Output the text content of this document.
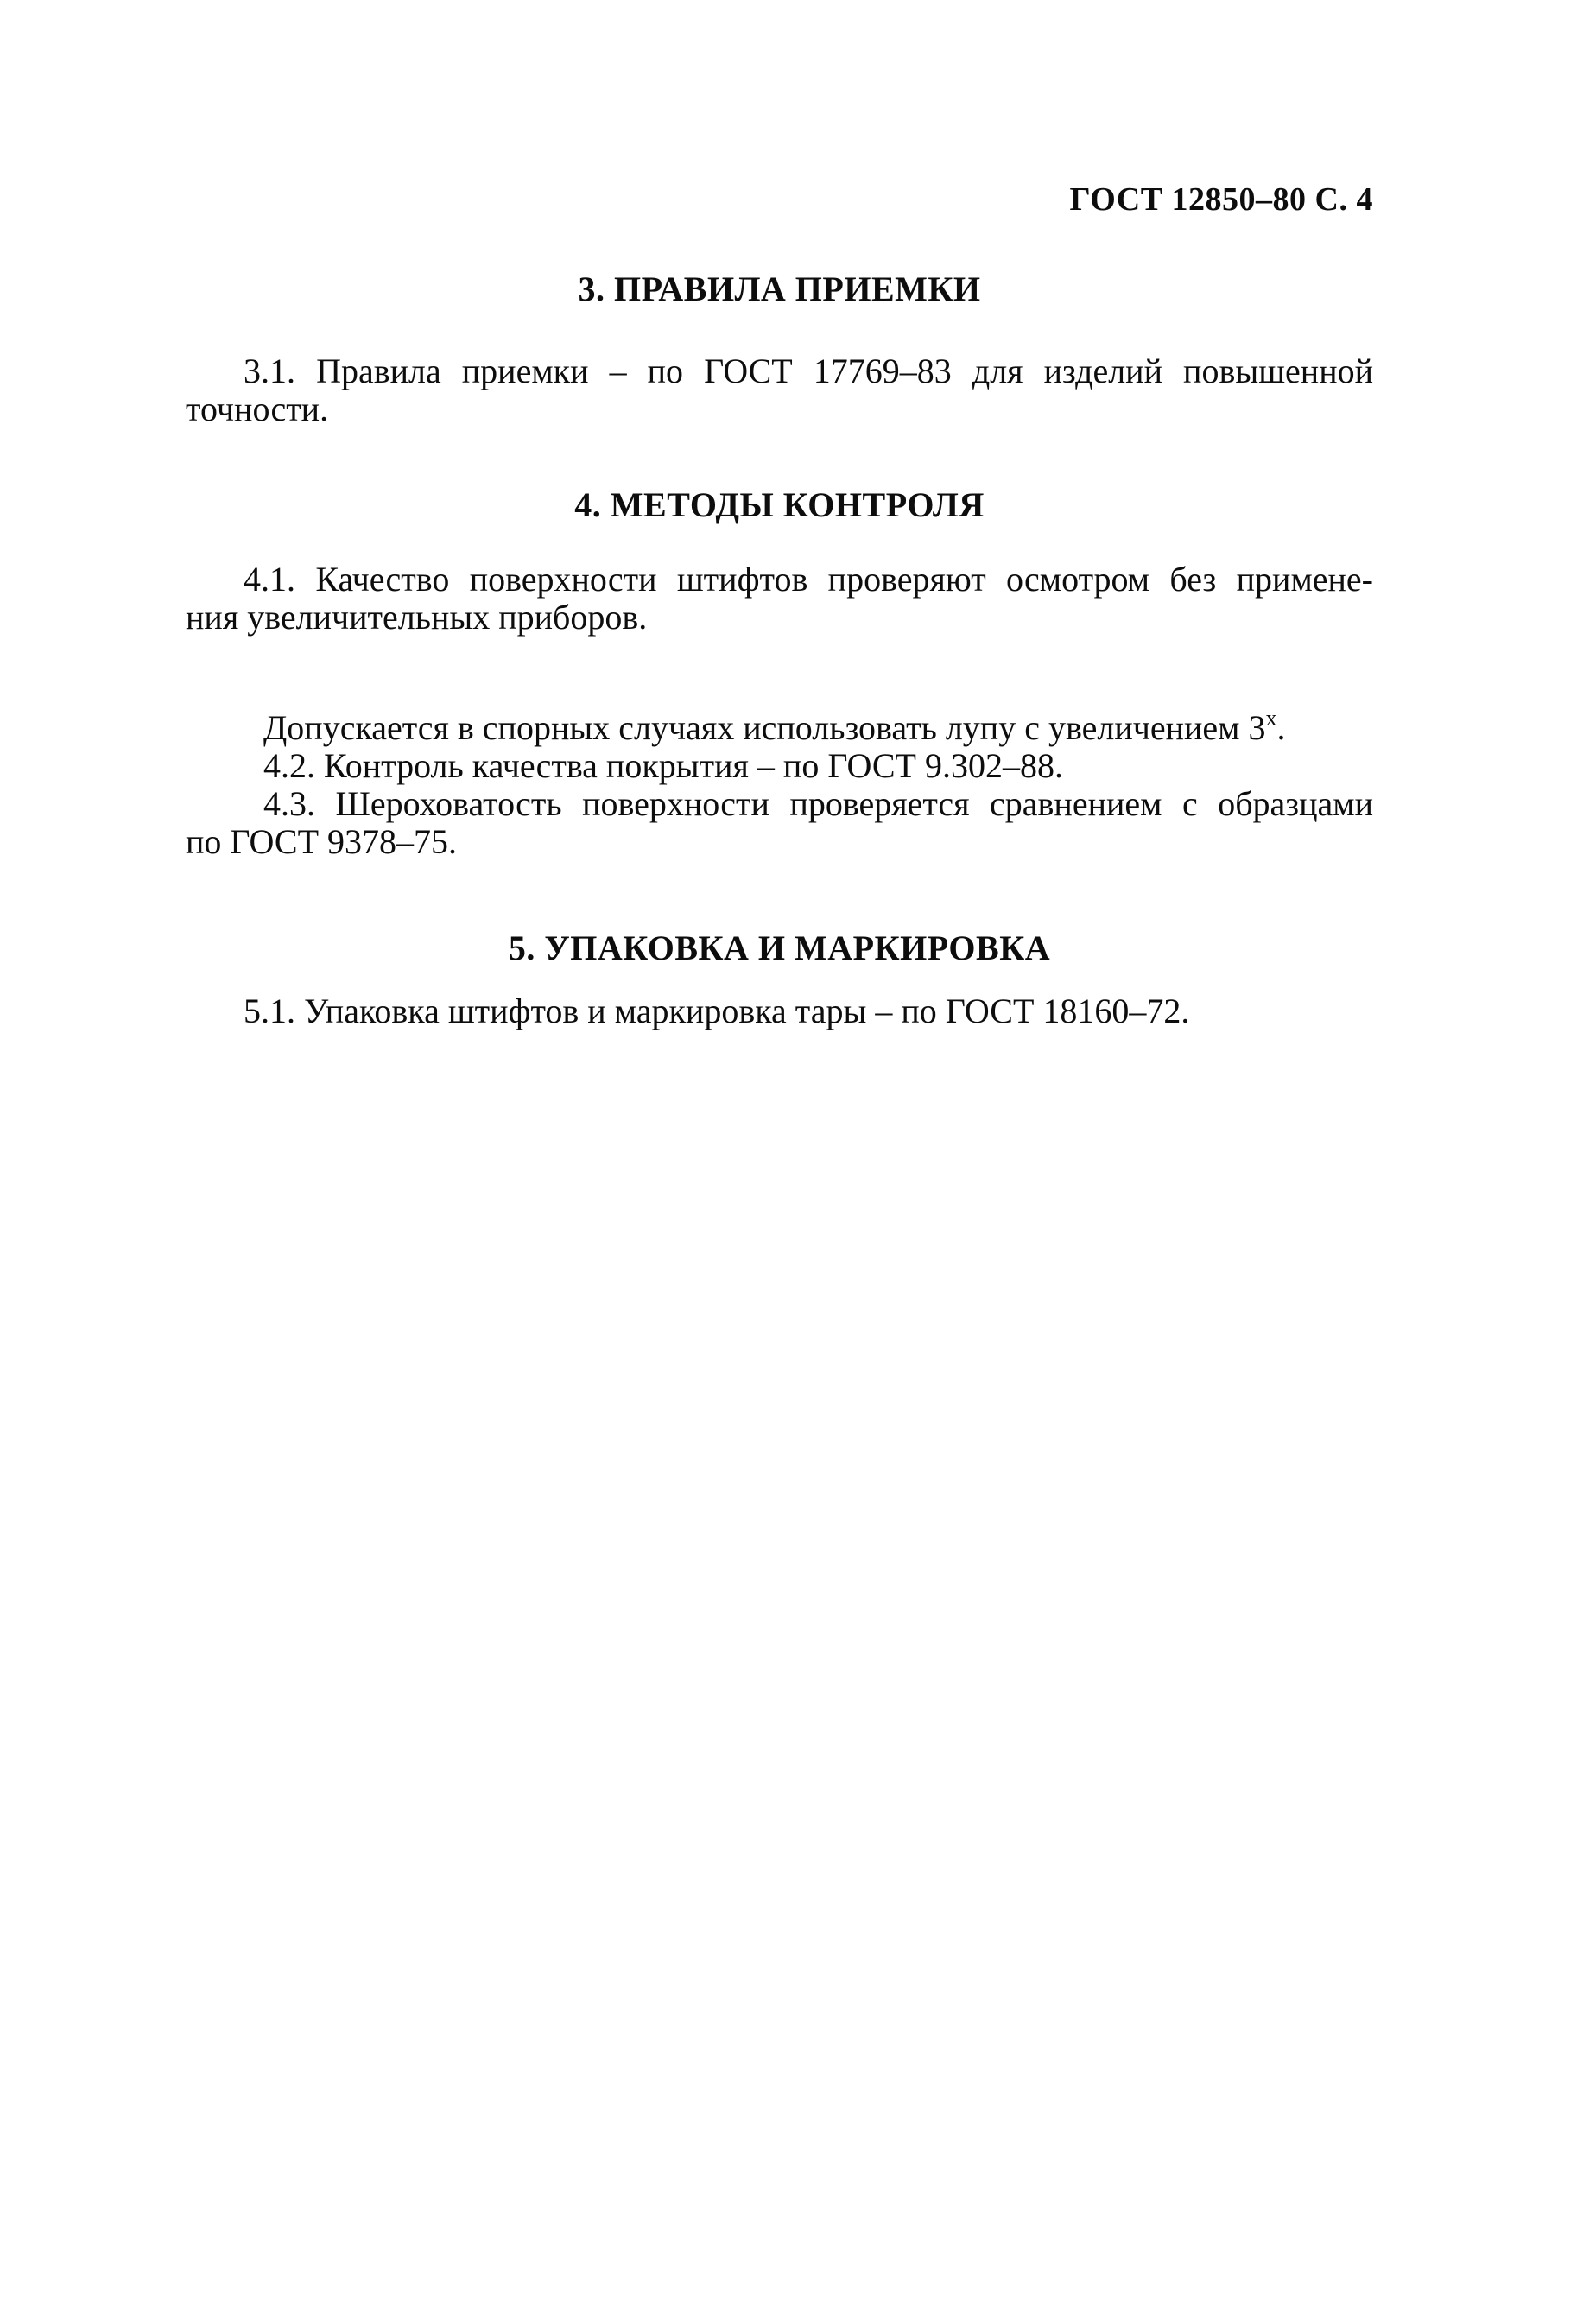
ГОСТ 12850–80 С. 4
3. ПРАВИЛА ПРИЕМКИ
3.1. Правила приемки – по ГОСТ 17769–83 для изделий повышенной
точности.
4. МЕТОДЫ КОНТРОЛЯ
4.1. Качество поверхности штифтов проверяют осмотром без примене-
ния увеличительных приборов.
Допускается в спорных случаях использовать лупу с увеличением $3^х$.
4.2. Контроль качества покрытия – по ГОСТ 9.302–88.
4.3. Шероховатость поверхности проверяется сравнением с образцами
по ГОСТ 9378–75.
5. УПАКОВКА И МАРКИРОВКА
5.1. Упаковка штифтов и маркировка тары – по ГОСТ 18160–72.
